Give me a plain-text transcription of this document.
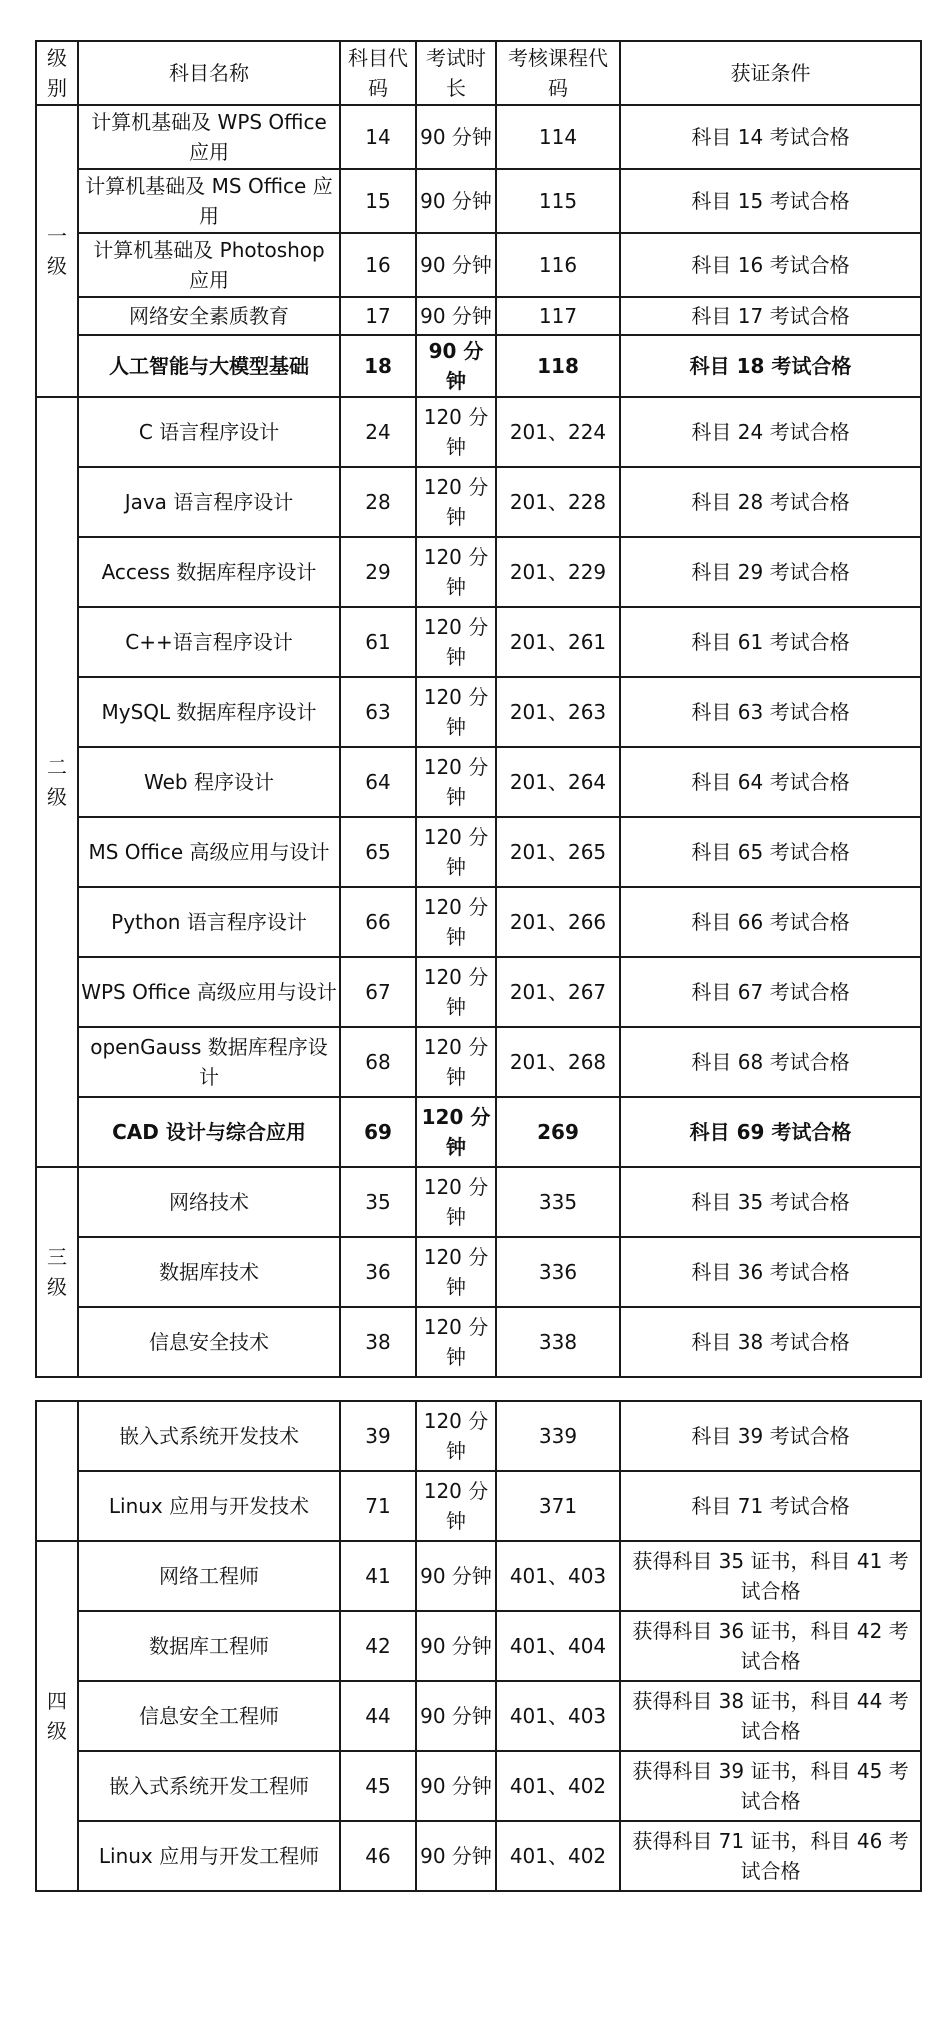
级别	科目名称	科目代码	考试时长	考核课程代码	获证条件
一级	计算机基础及 WPS Office 应用	14	90 分钟	114	科目 14 考试合格
	计算机基础及 MS Office 应用	15	90 分钟	115	科目 15 考试合格
	计算机基础及 Photoshop 应用	16	90 分钟	116	科目 16 考试合格
	网络安全素质教育	17	90 分钟	117	科目 17 考试合格
	人工智能与大模型基础	18	90 分钟	118	科目 18 考试合格
二级	C 语言程序设计	24	120 分钟	201、224	科目 24 考试合格
	Java 语言程序设计	28	120 分钟	201、228	科目 28 考试合格
	Access 数据库程序设计	29	120 分钟	201、229	科目 29 考试合格
	C++语言程序设计	61	120 分钟	201、261	科目 61 考试合格
	MySQL 数据库程序设计	63	120 分钟	201、263	科目 63 考试合格
	Web 程序设计	64	120 分钟	201、264	科目 64 考试合格
	MS Office 高级应用与设计	65	120 分钟	201、265	科目 65 考试合格
	Python 语言程序设计	66	120 分钟	201、266	科目 66 考试合格
	WPS Office 高级应用与设计	67	120 分钟	201、267	科目 67 考试合格
	openGauss 数据库程序设计	68	120 分钟	201、268	科目 68 考试合格
	CAD 设计与综合应用	69	120 分钟	269	科目 69 考试合格
三级	网络技术	35	120 分钟	335	科目 35 考试合格
	数据库技术	36	120 分钟	336	科目 36 考试合格
	信息安全技术	38	120 分钟	338	科目 38 考试合格
	嵌入式系统开发技术	39	120 分钟	339	科目 39 考试合格
	Linux 应用与开发技术	71	120 分钟	371	科目 71 考试合格
四级	网络工程师	41	90 分钟	401、403	获得科目 35 证书，科目 41 考试合格
	数据库工程师	42	90 分钟	401、404	获得科目 36 证书，科目 42 考试合格
	信息安全工程师	44	90 分钟	401、403	获得科目 38 证书，科目 44 考试合格
	嵌入式系统开发工程师	45	90 分钟	401、402	获得科目 39 证书，科目 45 考试合格
	Linux 应用与开发工程师	46	90 分钟	401、402	获得科目 71 证书，科目 46 考试合格
